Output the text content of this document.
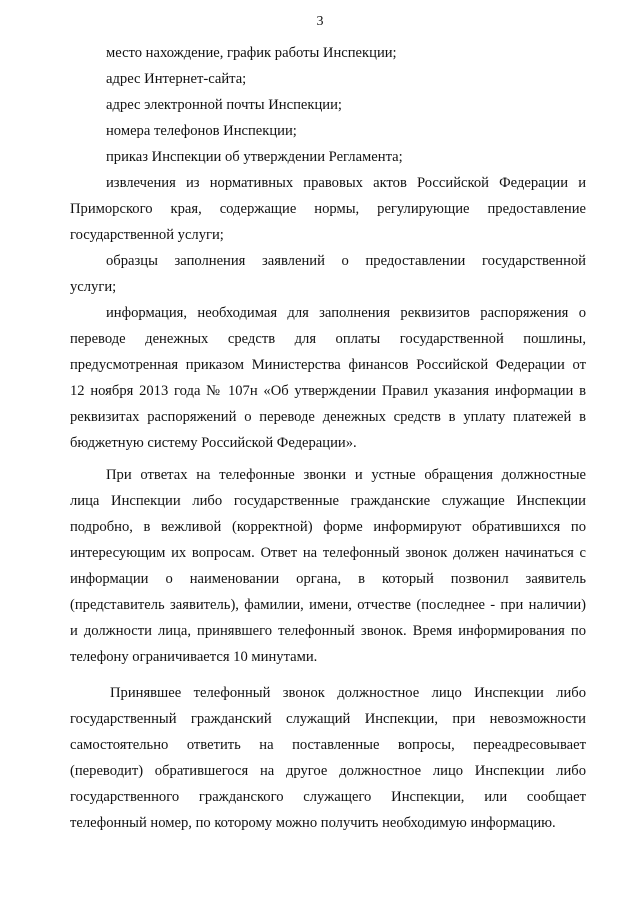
3
место нахождение, график работы Инспекции;
адрес Интернет-сайта;
адрес электронной почты Инспекции;
номера телефонов Инспекции;
приказ Инспекции об утверждении Регламента;
извлечения из нормативных правовых актов Российской Федерации и
Приморского края, содержащие нормы, регулирующие предоставление
государственной услуги;
образцы заполнения заявлений о предоставлении государственной
услуги;
информация, необходимая для заполнения реквизитов распоряжения о
переводе денежных средств для оплаты государственной пошлины,
предусмотренная приказом Министерства финансов Российской Федерации от
12 ноября 2013 года № 107н «Об утверждении Правил указания информации в
реквизитах распоряжений о переводе денежных средств в уплату платежей в
бюджетную систему Российской Федерации».
При ответах на телефонные звонки и устные обращения должностные
лица Инспекции либо государственные гражданские служащие Инспекции
подробно, в вежливой (корректной) форме информируют обратившихся по
интересующим их вопросам. Ответ на телефонный звонок должен начинаться с
информации о наименовании органа, в который позвонил заявитель
(представитель заявитель), фамилии, имени, отчестве (последнее - при наличии)
и должности лица, принявшего телефонный звонок. Время информирования по
телефону ограничивается 10 минутами.
Принявшее телефонный звонок должностное лицо Инспекции либо
государственный гражданский служащий Инспекции, при невозможности
самостоятельно ответить на поставленные вопросы, переадресовывает
(переводит) обратившегося на другое должностное лицо Инспекции либо
государственного гражданского служащего Инспекции, или сообщает
телефонный номер, по которому можно получить необходимую информацию.
